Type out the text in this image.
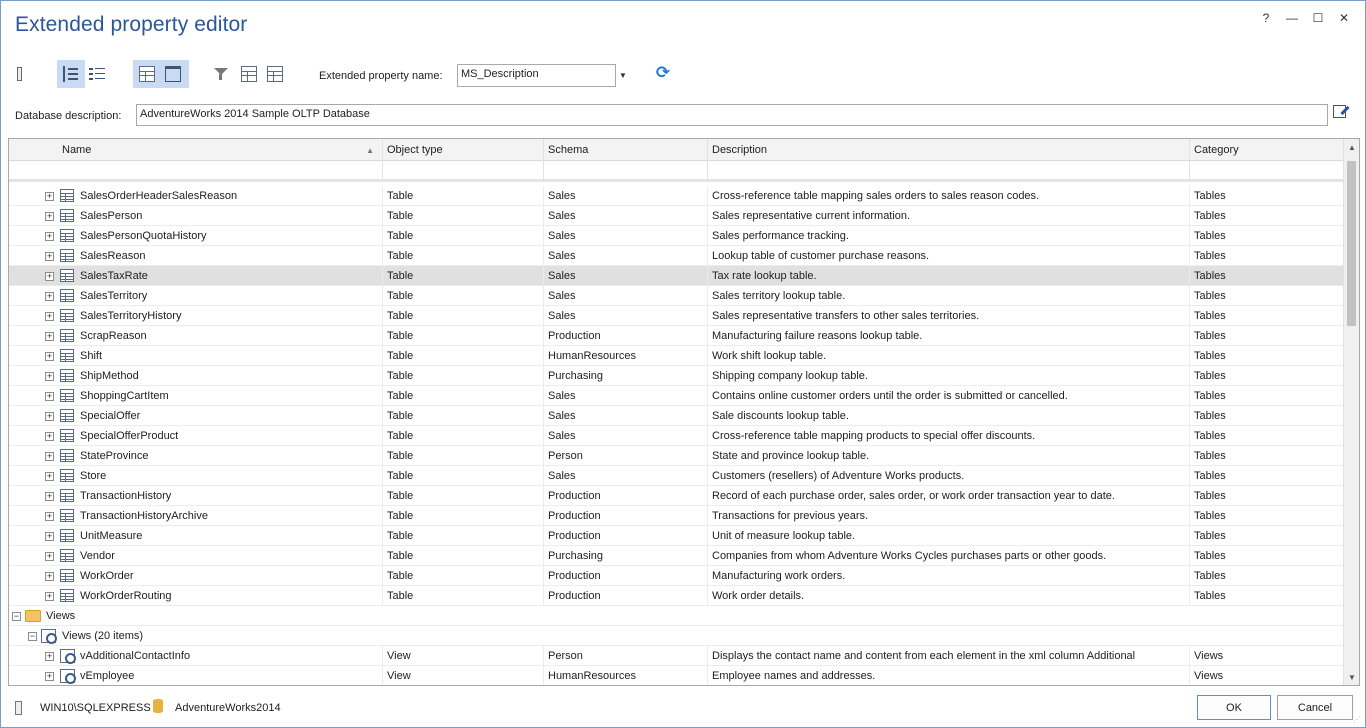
Extended property editor	?	—	☐	✕
Extended property name:	MS_Description	▼ ⟳
Database description:	AdventureWorks 2014 Sample OLTP Database
Name	▲	Object type	Schema	Description	Category
+	SalesOrderHeaderSalesReason	Table	Sales	Cross-reference table mapping sales orders to sales reason codes.	Tables
+	SalesPerson	Table	Sales	Sales representative current information.	Tables
+	SalesPersonQuotaHistory	Table	Sales	Sales performance tracking.	Tables
+	SalesReason	Table	Sales	Lookup table of customer purchase reasons.	Tables
+	SalesTaxRate	Table	Sales	Tax rate lookup table.	Tables
+	SalesTerritory	Table	Sales	Sales territory lookup table.	Tables
+	SalesTerritoryHistory	Table	Sales	Sales representative transfers to other sales territories.	Tables
+	ScrapReason	Table	Production	Manufacturing failure reasons lookup table.	Tables
+	Shift	Table	HumanResources	Work shift lookup table.	Tables
+	ShipMethod	Table	Purchasing	Shipping company lookup table.	Tables
+	ShoppingCartItem	Table	Sales	Contains online customer orders until the order is submitted or cancelled.	Tables
+	SpecialOffer	Table	Sales	Sale discounts lookup table.	Tables
+	SpecialOfferProduct	Table	Sales	Cross-reference table mapping products to special offer discounts.	Tables
+	StateProvince	Table	Person	State and province lookup table.	Tables
+	Store	Table	Sales	Customers (resellers) of Adventure Works products.	Tables
+	TransactionHistory	Table	Production	Record of each purchase order, sales order, or work order transaction year to date.	Tables
+	TransactionHistoryArchive	Table	Production	Transactions for previous years.	Tables
+	UnitMeasure	Table	Production	Unit of measure lookup table.	Tables
+	Vendor	Table	Purchasing	Companies from whom Adventure Works Cycles purchases parts or other goods.	Tables
+	WorkOrder	Table	Production	Manufacturing work orders.	Tables
+	WorkOrderRouting	Table	Production	Work order details.	Tables
− Views
− Views (20 items)
+	vAdditionalContactInfo	View	Person	Displays the contact name and content from each element in the xml column Additional	Views
+	vEmployee	View	HumanResources	Employee names and addresses.	Views
▲
▼
WIN10\SQLEXPRESS AdventureWorks2014	OK	Cancel
⋰
